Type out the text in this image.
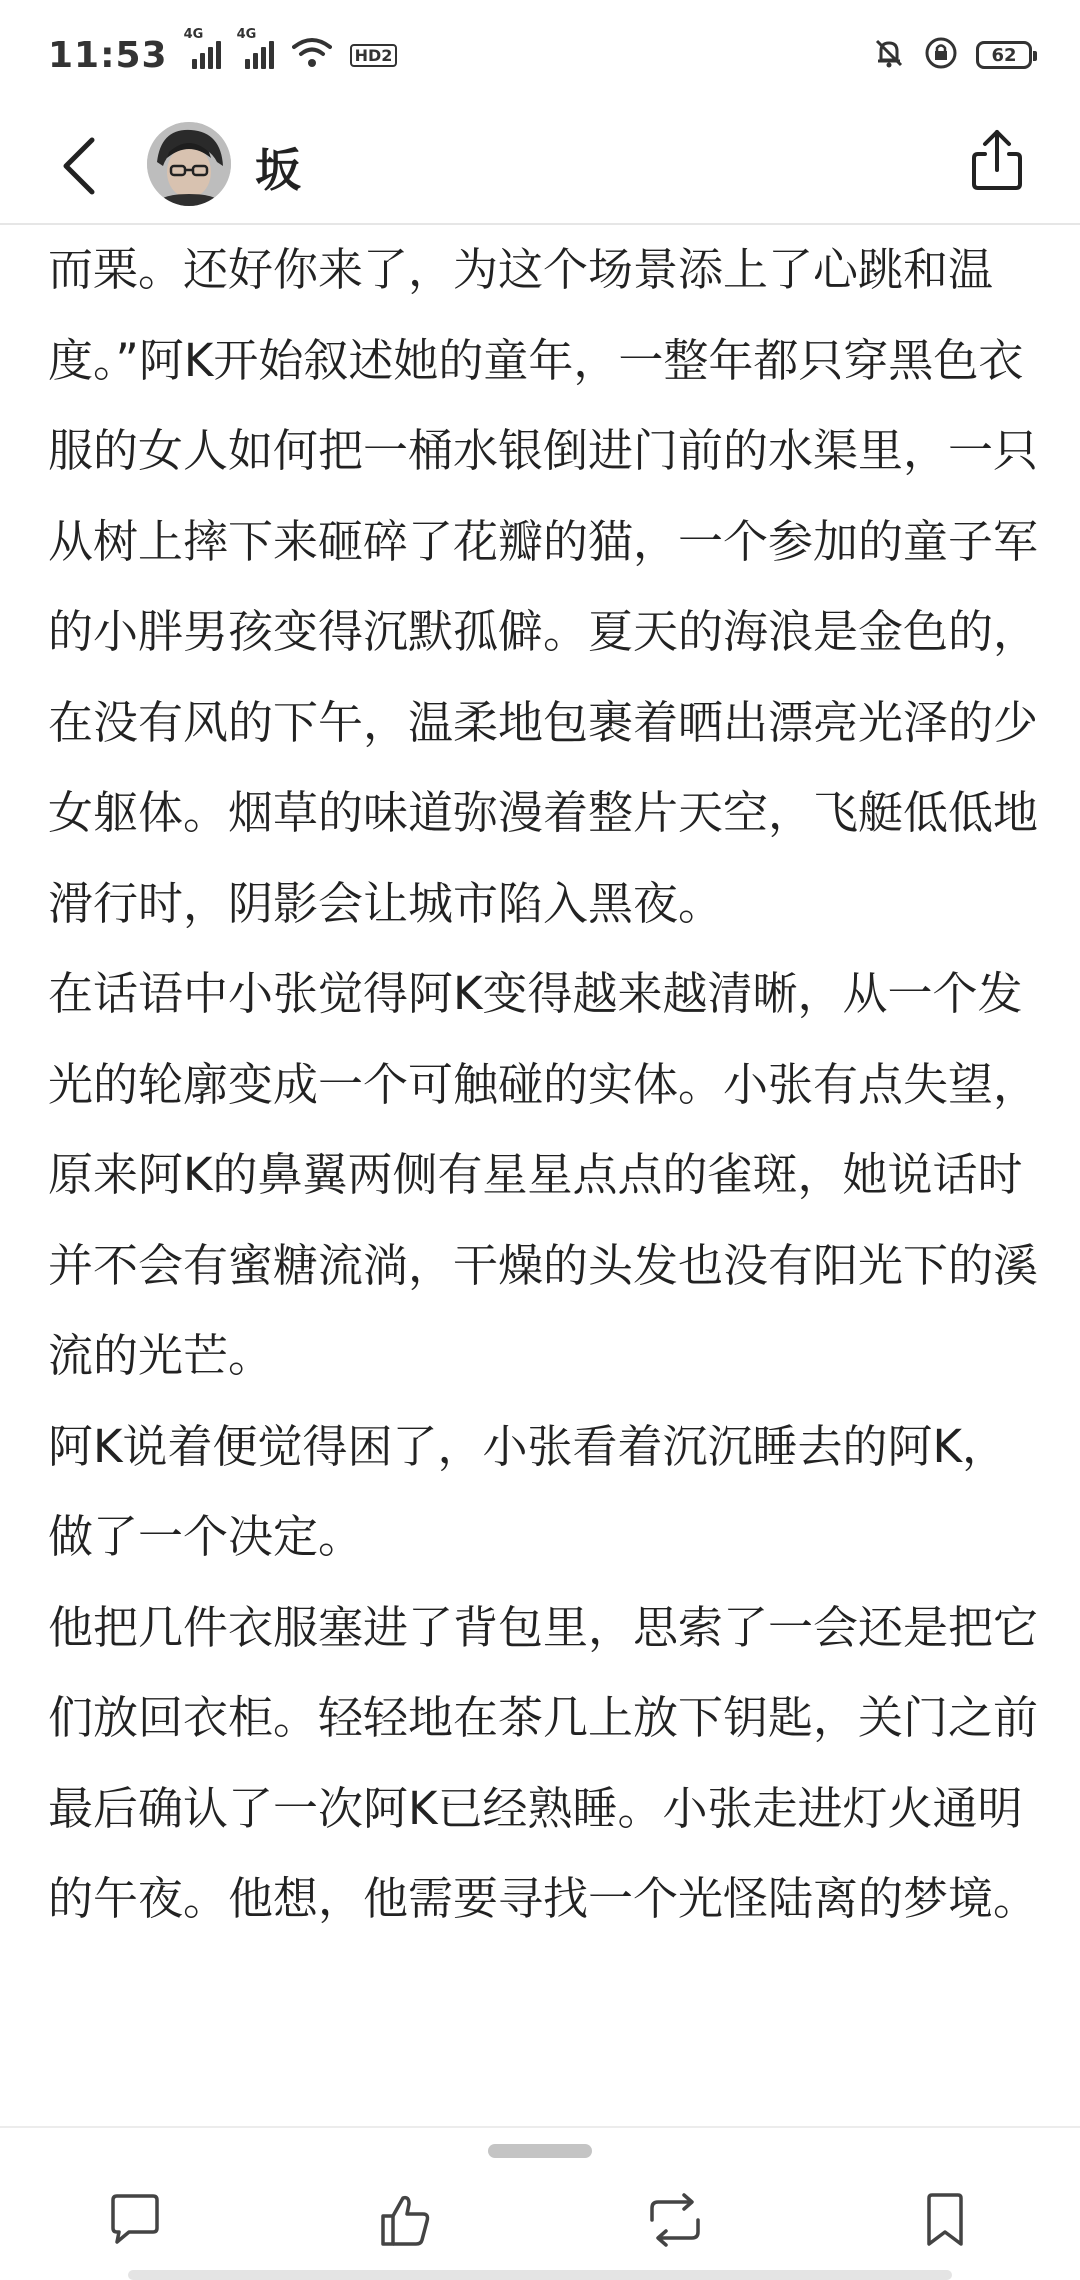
11:53 4G	4G
HD2	62
坂

而栗。还好你来了，为这个场景添上了心跳和温度。”阿K开始叙述她的童年，一整年都只穿黑色衣服的女人如何把一桶水银倒进门前的水渠里，一只从树上摔下来砸碎了花瓣的猫，一个参加的童子军的小胖男孩变得沉默孤僻。夏天的海浪是金色的，在没有风的下午，温柔地包裹着晒出漂亮光泽的少女躯体。烟草的味道弥漫着整片天空，飞艇低低地滑行时，阴影会让城市陷入黑夜。

在话语中小张觉得阿K变得越来越清晰，从一个发光的轮廓变成一个可触碰的实体。小张有点失望，原来阿K的鼻翼两侧有星星点点的雀斑，她说话时并不会有蜜糖流淌，干燥的头发也没有阳光下的溪流的光芒。

阿K说着便觉得困了，小张看着沉沉睡去的阿K，做了一个决定。

他把几件衣服塞进了背包里，思索了一会还是把它们放回衣柜。轻轻地在茶几上放下钥匙，关门之前最后确认了一次阿K已经熟睡。小张走进灯火通明的午夜。他想，他需要寻找一个光怪陆离的梦境。
